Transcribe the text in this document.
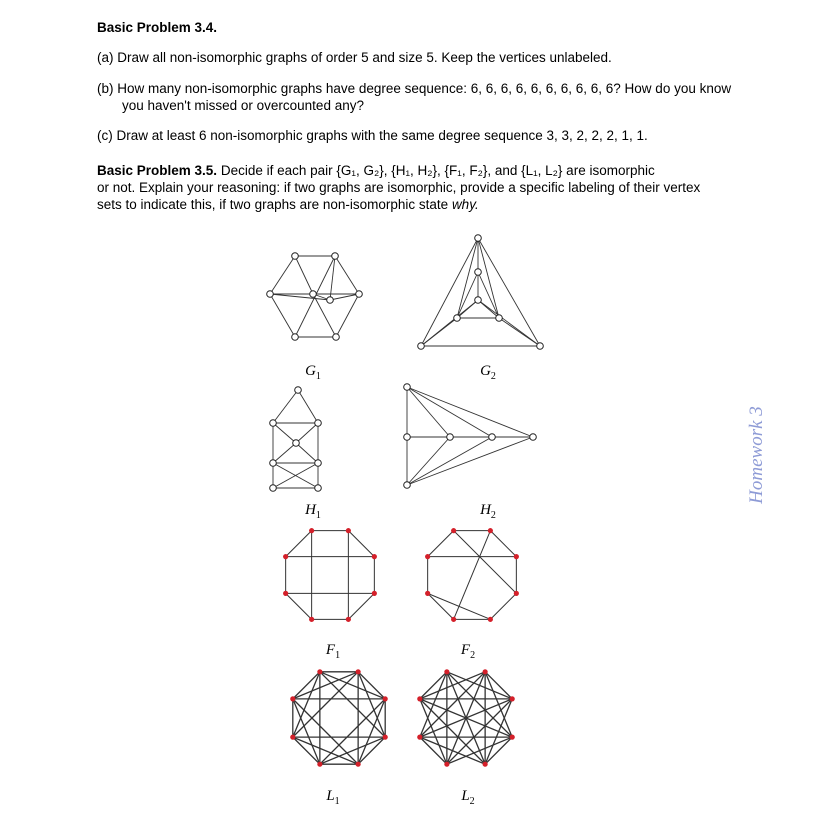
Basic Problem 3.4.
(a) Draw all non-isomorphic graphs of order 5 and size 5. Keep the vertices unlabeled.
(b) How many non-isomorphic graphs have degree sequence: 6, 6, 6, 6, 6, 6, 6, 6, 6, 6? How do you know
you haven't missed or overcounted any?
(c) Draw at least 6 non-isomorphic graphs with the same degree sequence 3, 3, 2, 2, 2, 1, 1.
Basic Problem 3.5. Decide if each pair {G₁, G₂}, {H₁, H₂}, {F₁, F₂}, and {L₁, L₂} are isomorphic
or not. Explain your reasoning: if two graphs are isomorphic, provide a specific labeling of their vertex
sets to indicate this, if two graphs are non-isomorphic state why.
$G_1$	$G_2$
$H_1$	$H_2$
$F_1$	$F_2$
$L_1$	$L_2$
Homework 3
